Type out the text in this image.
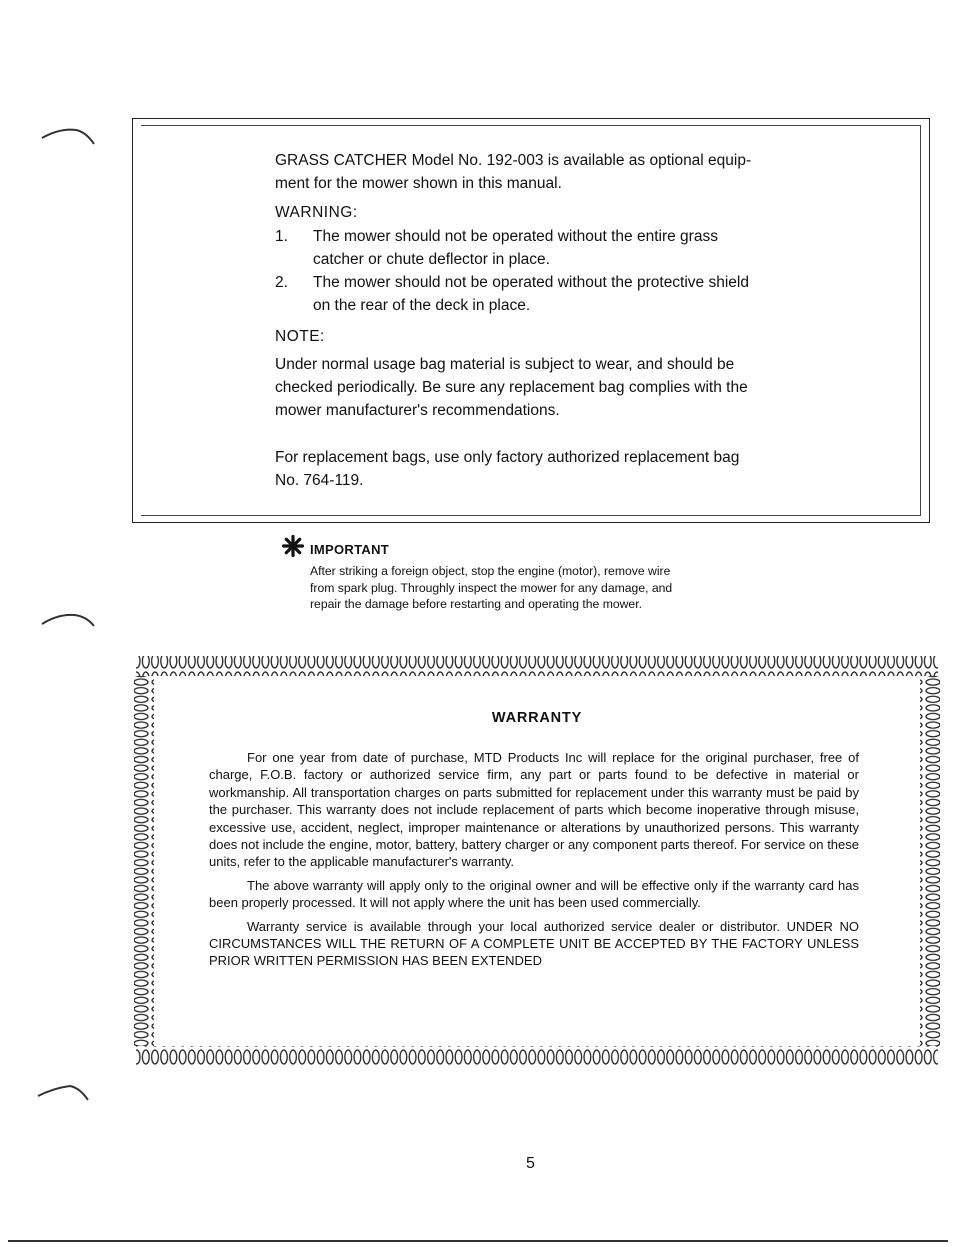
GRASS CATCHER Model No. 192-003 is available as optional equip-

ment for the mower shown in this manual.

WARNING:

1. The mower should not be operated without the entire grass
catcher or chute deflector in place.
2. The mower should not be operated without the protective shield
on the rear of the deck in place.

NOTE:

Under normal usage bag material is subject to wear, and should be

checked periodically. Be sure any replacement bag complies with the

mower manufacturer's recommendations.

For replacement bags, use only factory authorized replacement bag

No. 764-119.

IMPORTANT
After striking a foreign object, stop the engine (motor), remove wire
from spark plug. Throughly inspect the mower for any damage, and
repair the damage before restarting and operating the mower.
WARRANTY

For one year from date of purchase, MTD Products Inc will replace for the original purchaser, free of charge, F.O.B. factory or authorized service firm, any part or parts found to be defective in material or workmanship. All transportation charges on parts submitted for replacement under this warranty must be paid by the purchaser. This warranty does not include replacement of parts which become inoperative through misuse, excessive use, accident, neglect, improper maintenance or alterations by unauthorized persons. This warranty does not include the engine, motor, battery, battery charger or any component parts thereof. For service on these units, refer to the applicable manufacturer's warranty.

The above warranty will apply only to the original owner and will be effective only if the warranty card has been properly processed. It will not apply where the unit has been used commercially.

Warranty service is available through your local authorized service dealer or distributor. UNDER NO CIRCUMSTANCES WILL THE RETURN OF A COMPLETE UNIT BE ACCEPTED BY THE FACTORY UNLESS PRIOR WRITTEN PERMISSION HAS BEEN EXTENDED

5
